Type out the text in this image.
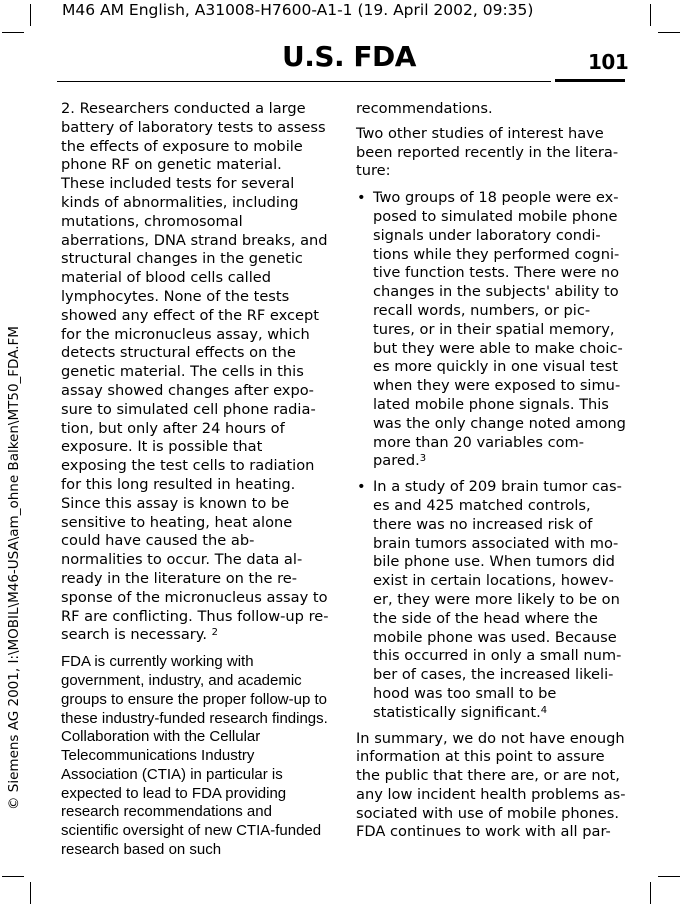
M46 AM English, A31008-H7600-A1-1 (19. April 2002, 09:35)
U.S. FDA	101
© Siemens AG 2001, I:\MOBIL\M46-USA\am_ohne Balken\MT50_FDA.FM

2. Researchers conducted a large battery of laboratory tests to assess the effects of exposure to mobile phone RF on genetic material. These included tests for several kinds of abnormalities, including mutations, chromosomal aberrations, DNA strand breaks, and structural changes in the genetic material of blood cells called lymphocytes. None of the tests showed any effect of the RF except for the micronucleus assay, which detects structural effects on the genetic material. The cells in this assay showed changes after exposure to simulated cell phone radiation, but only after 24 hours of exposure. It is possible that exposing the test cells to radiation for this long resulted in heating. Since this assay is known to be sensitive to heating, heat alone could have caused the abnormalities to occur. The data already in the literature on the response of the micronucleus assay to RF are conflicting. Thus follow-up research is necessary. $^2$

FDA is currently working with government, industry, and academic groups to ensure the proper follow-up to these industry-funded research findings. Collaboration with the Cellular Telecommunications Industry Association (CTIA) in particular is expected to lead to FDA providing research recommendations and scientific oversight of new CTIA-funded research based on such

recommendations.

Two other studies of interest have been reported recently in the literature:

• Two groups of 18 people were exposed to simulated mobile phone signals under laboratory conditions while they performed cognitive function tests. There were no changes in the subjects' ability to recall words, numbers, or pictures, or in their spatial memory, but they were able to make choices more quickly in one visual test when they were exposed to simulated mobile phone signals. This was the only change noted among more than 20 variables compared.$^3$
• In a study of 209 brain tumor cases and 425 matched controls, there was no increased risk of brain tumors associated with mobile phone use. When tumors did exist in certain locations, however, they were more likely to be on the side of the head where the mobile phone was used. Because this occurred in only a small number of cases, the increased likelihood was too small to be statistically significant.$^4$

In summary, we do not have enough information at this point to assure the public that there are, or are not, any low incident health problems associated with use of mobile phones. FDA continues to work with all par-
